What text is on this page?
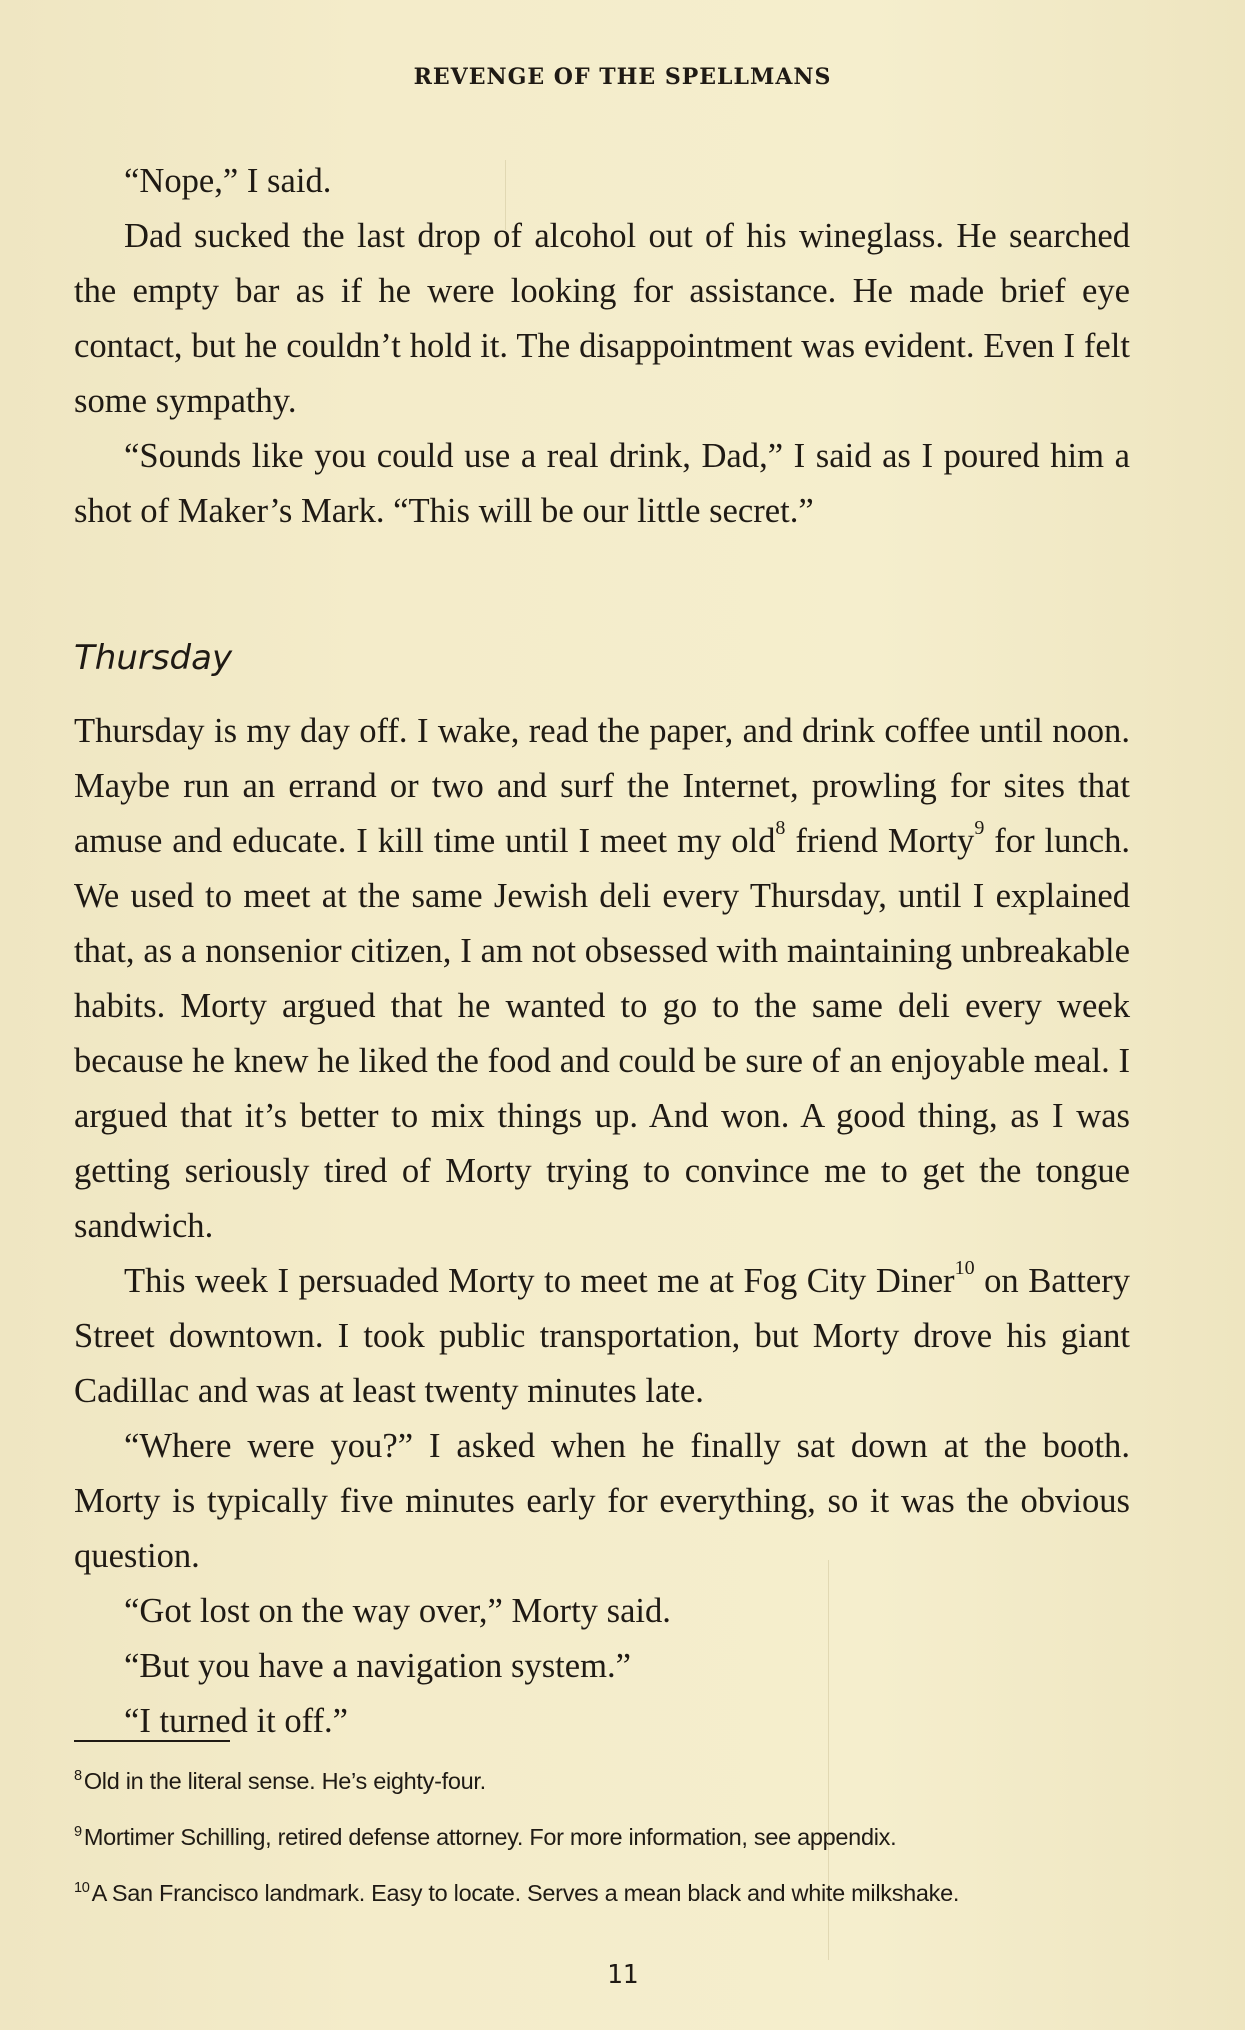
REVENGE OF THE SPELLMANS

“Nope,” I said.

Dad sucked the last drop of alcohol out of his wineglass. He searched the empty bar as if he were looking for assistance. He made brief eye contact, but he couldn’t hold it. The disappointment was evident. Even I felt some sympathy.

“Sounds like you could use a real drink, Dad,” I said as I poured him a shot of Maker’s Mark. “This will be our little secret.”

Thursday

Thursday is my day off. I wake, read the paper, and drink coffee until noon. Maybe run an errand or two and surf the Internet, prowling for sites that amuse and educate. I kill time until I meet my old$^8$ friend Morty$^9$ for lunch. We used to meet at the same Jewish deli every Thursday, until I explained that, as a nonsenior citizen, I am not obsessed with maintaining unbreakable habits. Morty argued that he wanted to go to the same deli every week because he knew he liked the food and could be sure of an enjoyable meal. I argued that it’s better to mix things up. And won. A good thing, as I was getting seriously tired of Morty trying to convince me to get the tongue sandwich.

This week I persuaded Morty to meet me at Fog City Diner$^{10}$ on Battery Street downtown. I took public transportation, but Morty drove his giant Cadillac and was at least twenty minutes late.

“Where were you?” I asked when he finally sat down at the booth. Morty is typically five minutes early for everything, so it was the obvious question.

“Got lost on the way over,” Morty said.

“But you have a navigation system.”

“I turned it off.”

$^8$Old in the literal sense. He’s eighty-four.
$^9$Mortimer Schilling, retired defense attorney. For more information, see appendix.
$^{10}$A San Francisco landmark. Easy to locate. Serves a mean black and white milkshake.
11
